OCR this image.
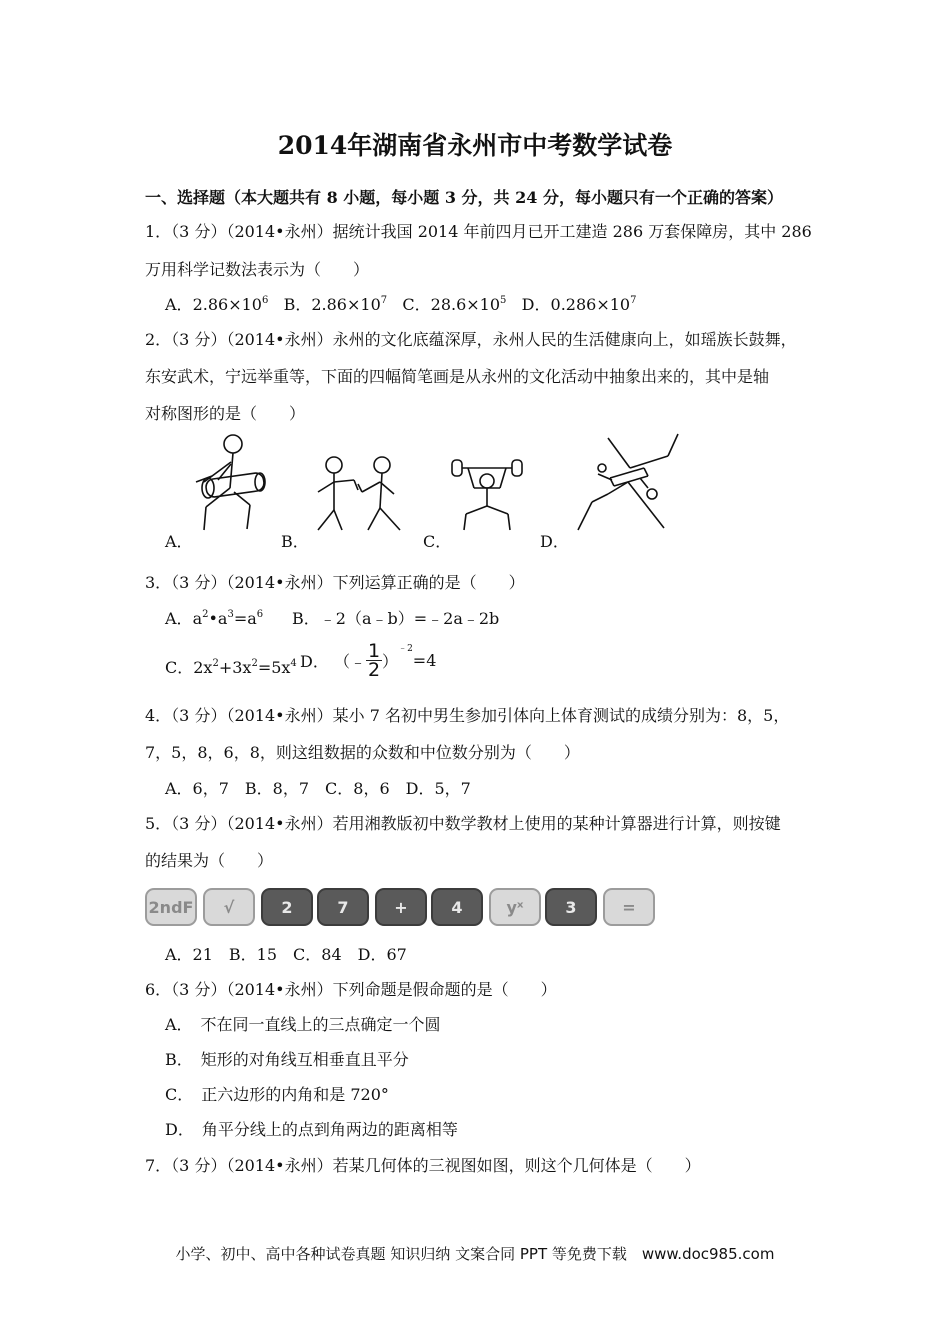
2014年湖南省永州市中考数学试卷
一、选择题（本大题共有 8 小题，每小题 3 分，共 24 分，每小题只有一个正确的答案）
1．（3 分）（2014•永州）据统计我国 2014 年前四月已开工建造 286 万套保障房，其中 286
万用科学记数法表示为（　　）
A．$2.86\times 10^6$ B．$2.86\times 10^7$ C．$28.6\times 10^5$ D．$0.286\times 10^7$
2．（3 分）（2014•永州）永州的文化底蕴深厚，永州人民的生活健康向上，如瑶族长鼓舞，
东安武术，宁远举重等，下面的四幅简笔画是从永州的文化活动中抽象出来的，其中是轴
对称图形的是（　　）
A．	B．	C．	D．
3．（3 分）（2014•永州）下列运算正确的是（　　）
A．$a^2•a^3=a^6$ B．﹣2（a﹣b）=﹣2a﹣2b
C．$2x^2+3x^2=5x^4$ D． （﹣ $\frac{1}{2} )^{﹣2}=4$
4．（3 分）（2014•永州）某小 7 名初中男生参加引体向上体育测试的成绩分别为：8，5，
7，5，8，6，8，则这组数据的众数和中位数分别为（　　）
A．6，7　B．8，7　C．8，6　D．5，7
5．（3 分）（2014•永州）若用湘教版初中数学教材上使用的某种计算器进行计算，则按键
的结果为（　　）
2ndF	√	2	7	+	4	yˣ	3	=
A．21　B．15　C．84　D．67
6．（3 分）（2014•永州）下列命题是假命题的是（　　）
A．　不在同一直线上的三点确定一个圆
B．　矩形的对角线互相垂直且平分
C．　正六边形的内角和是 720°
D．　角平分线上的点到角两边的距离相等
7．（3 分）（2014•永州）若某几何体的三视图如图，则这个几何体是（　　）
小学、初中、高中各种试卷真题 知识归纳 文案合同 PPT 等免费下载　www.doc985.com
